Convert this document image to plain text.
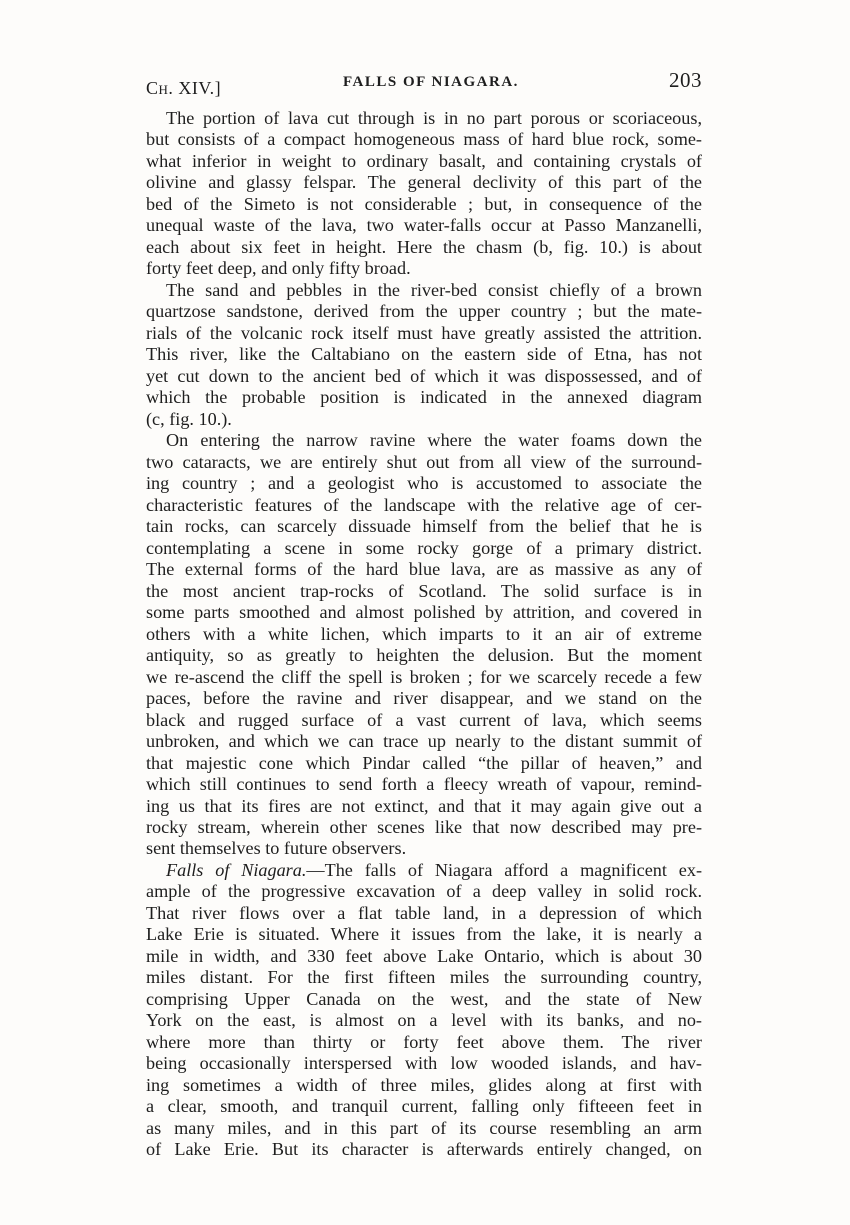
Ch. XIV.]	FALLS OF NIAGARA.	203

The portion of lava cut through is in no part porous or scoriaceous,
but consists of a compact homogeneous mass of hard blue rock, some-
what inferior in weight to ordinary basalt, and containing crystals of
olivine and glassy felspar. The general declivity of this part of the
bed of the Simeto is not considerable ; but, in consequence of the
unequal waste of the lava, two water-falls occur at Passo Manzanelli,
each about six feet in height. Here the chasm (b, fig. 10.) is about
forty feet deep, and only fifty broad.

The sand and pebbles in the river-bed consist chiefly of a brown
quartzose sandstone, derived from the upper country ; but the mate-
rials of the volcanic rock itself must have greatly assisted the attrition.
This river, like the Caltabiano on the eastern side of Etna, has not
yet cut down to the ancient bed of which it was dispossessed, and of
which the probable position is indicated in the annexed diagram
(c, fig. 10.).

On entering the narrow ravine where the water foams down the
two cataracts, we are entirely shut out from all view of the surround-
ing country ; and a geologist who is accustomed to associate the
characteristic features of the landscape with the relative age of cer-
tain rocks, can scarcely dissuade himself from the belief that he is
contemplating a scene in some rocky gorge of a primary district.
The external forms of the hard blue lava, are as massive as any of
the most ancient trap-rocks of Scotland. The solid surface is in
some parts smoothed and almost polished by attrition, and covered in
others with a white lichen, which imparts to it an air of extreme
antiquity, so as greatly to heighten the delusion. But the moment
we re-ascend the cliff the spell is broken ; for we scarcely recede a few
paces, before the ravine and river disappear, and we stand on the
black and rugged surface of a vast current of lava, which seems
unbroken, and which we can trace up nearly to the distant summit of
that majestic cone which Pindar called “the pillar of heaven,” and
which still continues to send forth a fleecy wreath of vapour, remind-
ing us that its fires are not extinct, and that it may again give out a
rocky stream, wherein other scenes like that now described may pre-
sent themselves to future observers.

Falls of Niagara.—The falls of Niagara afford a magnificent ex-
ample of the progressive excavation of a deep valley in solid rock.
That river flows over a flat table land, in a depression of which
Lake Erie is situated. Where it issues from the lake, it is nearly a
mile in width, and 330 feet above Lake Ontario, which is about 30
miles distant. For the first fifteen miles the surrounding country,
comprising Upper Canada on the west, and the state of New
York on the east, is almost on a level with its banks, and no-
where more than thirty or forty feet above them. The river
being occasionally interspersed with low wooded islands, and hav-
ing sometimes a width of three miles, glides along at first with
a clear, smooth, and tranquil current, falling only fifteeen feet in
as many miles, and in this part of its course resembling an arm
of Lake Erie. But its character is afterwards entirely changed, on
